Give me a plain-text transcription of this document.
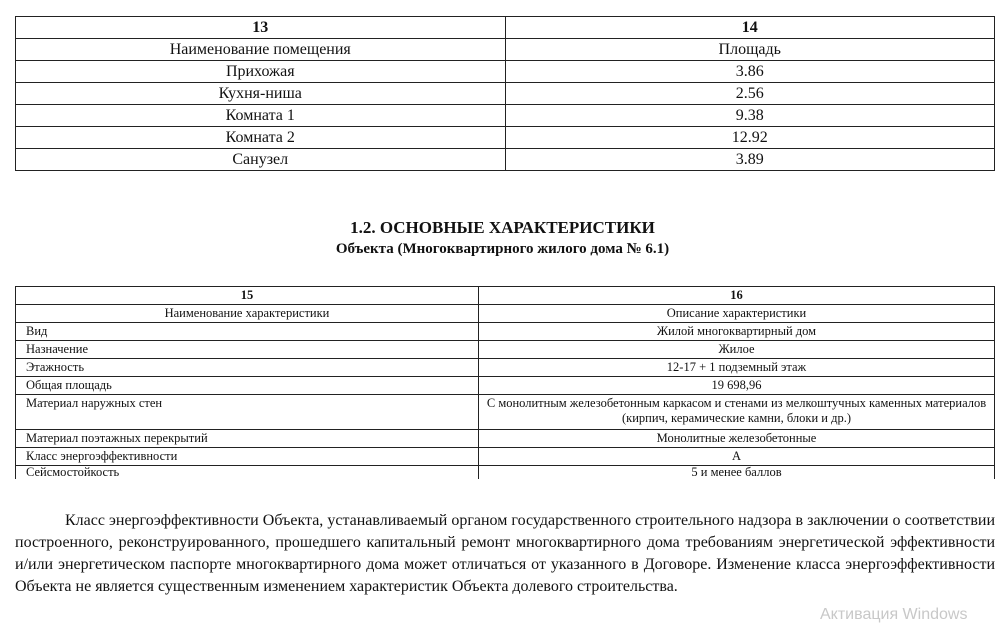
13	14
Наименование помещения	Площадь
Прихожая	3.86
Кухня-ниша	2.56
Комната 1	9.38
Комната 2	12.92
Санузел	3.89
1.2. ОСНОВНЫЕ ХАРАКТЕРИСТИКИ
Объекта (Многоквартирного жилого дома № 6.1)
15	16
Наименование характеристики	Описание характеристики
Вид	Жилой многоквартирный дом
Назначение	Жилое
Этажность	12-17 + 1 подземный этаж
Общая площадь	19 698,96
Материал наружных стен	С монолитным железобетонным каркасом и стенами из мелкоштучных каменных материалов (кирпич, керамические камни, блоки и др.)
Материал поэтажных перекрытий	Монолитные железобетонные
Класс энергоэффективности	А
Сейсмостойкость	5 и менее баллов

Класс энергоэффективности Объекта, устанавливаемый органом государственного строительного надзора в заключении о соответствии построенного, реконструированного, прошедшего капитальный ремонт многоквартирного дома требованиям энергетической эффективности и/или энергетическом паспорте многоквартирного дома может отличаться от указанного в Договоре. Изменение класса энергоэффективности Объекта не является существенным изменением характеристик Объекта долевого строительства.

Активация Windows
